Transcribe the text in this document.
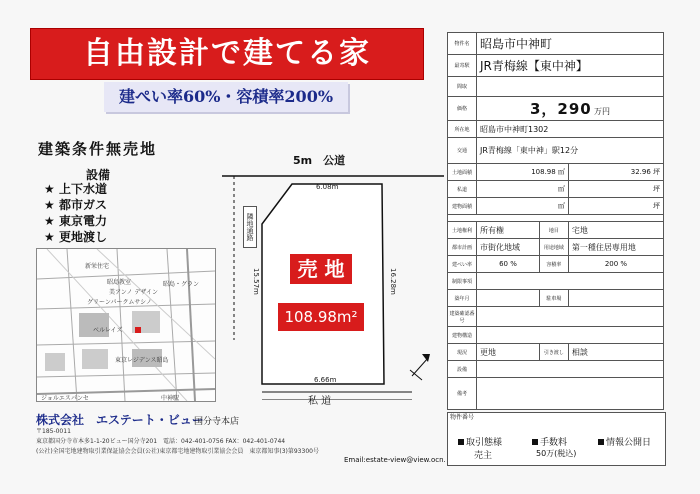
自由設計で建てる家
建ぺい率60%・容積率200%
建築条件無売地
設備
★ 上下水道
★ 都市ガス
★ 東京電力
★ 更地渡し
新栄住宅
昭島教室
美アンノ デザイン
グリーンパークムサシノ
ベルレイズ
昭島・グラン
ジョルエスパンセ	中神駅
東京レジデンス昭島
5m　公道
6.08m
15.57m	16.28m
6.66m
隣地通路
売 地
108.98m²
私 道
株式会社　エステート・ビュー
国分寺本店
〒185-0011
東京都国分寺市本多1-1-20ビュー国分寺201　電話：042-401-0756 FAX：042-401-0744
(公社)全国宅地建物取引業保証協会会員(公社)東京都宅地建物取引業協会会員　東京都知事(3)第93300号
Email:estate-view@view.ocn.
物件名	昭島市中神町		
最寄駅	JR青梅線【東中神】		
間取			
価格	3，290 万円		
所在地	昭島市中神町1302		
交通	JR青梅線「東中神」駅12分		
土地面積	108.98 ㎡		32.96 坪
私道	㎡		坪
建物面積	㎡		坪

土地権利	所有権	地目	宅地
都市計画	市街化地域	用途地域	第一種住居専用地
建ぺい率	60 %	容積率	200 %
制限事項			
築年月		駐車場	
建築確認番号			
建物構造			
現況	更地	引き渡し	相談
設備			
備考			
物件番号
取引態様	手数料	情報公開日
売主	50万(税込)
